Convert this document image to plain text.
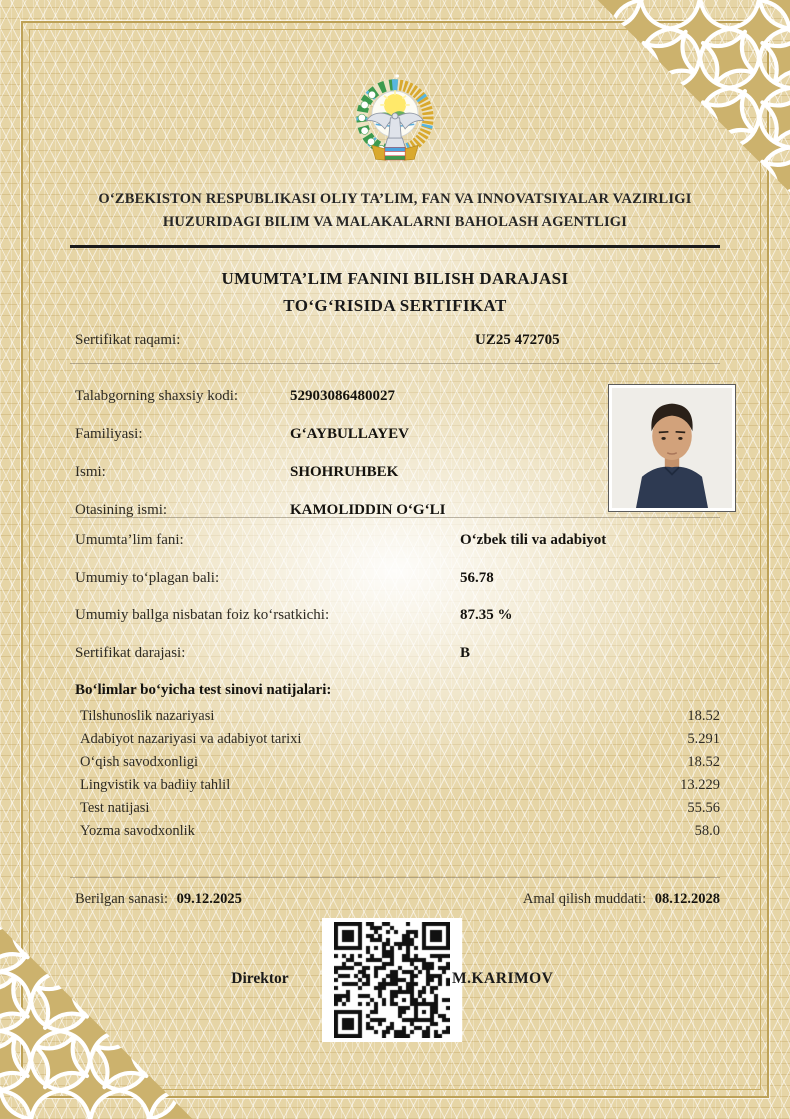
O‘ZBEKISTON RESPUBLIKASI OLIY TA’LIM, FAN VA INNOVATSIYALAR VAZIRLIGI
HUZURIDAGI BILIM VA MALAKALARNI BAHOLASH AGENTLIGI
UMUMTA’LIM FANINI BILISH DARAJASI
TO‘G‘RISIDA SERTIFIKAT
Sertifikat raqami:	UZ25 472705
Talabgorning shaxsiy kodi:	52903086480027
Familiyasi:	G‘AYBULLAYEV
Ismi:	SHOHRUHBEK
Otasining ismi:	KAMOLIDDIN O‘G‘LI
Umumta’lim fani:	O‘zbek tili va adabiyot
Umumiy to‘plagan bali:	56.78
Umumiy ballga nisbatan foiz ko‘rsatkichi:	87.35 %
Sertifikat darajasi:	B
Bo‘limlar bo‘yicha test sinovi natijalari:
Tilshunoslik nazariyasi	18.52
Adabiyot nazariyasi va adabiyot tarixi	5.291
O‘qish savodxonligi	18.52
Lingvistik va badiiy tahlil	13.229
Test natijasi	55.56
Yozma savodxonlik	58.0
Berilgan sanasi: 09.12.2025	Amal qilish muddati: 08.12.2028
Direktor	M.KARIMOV
